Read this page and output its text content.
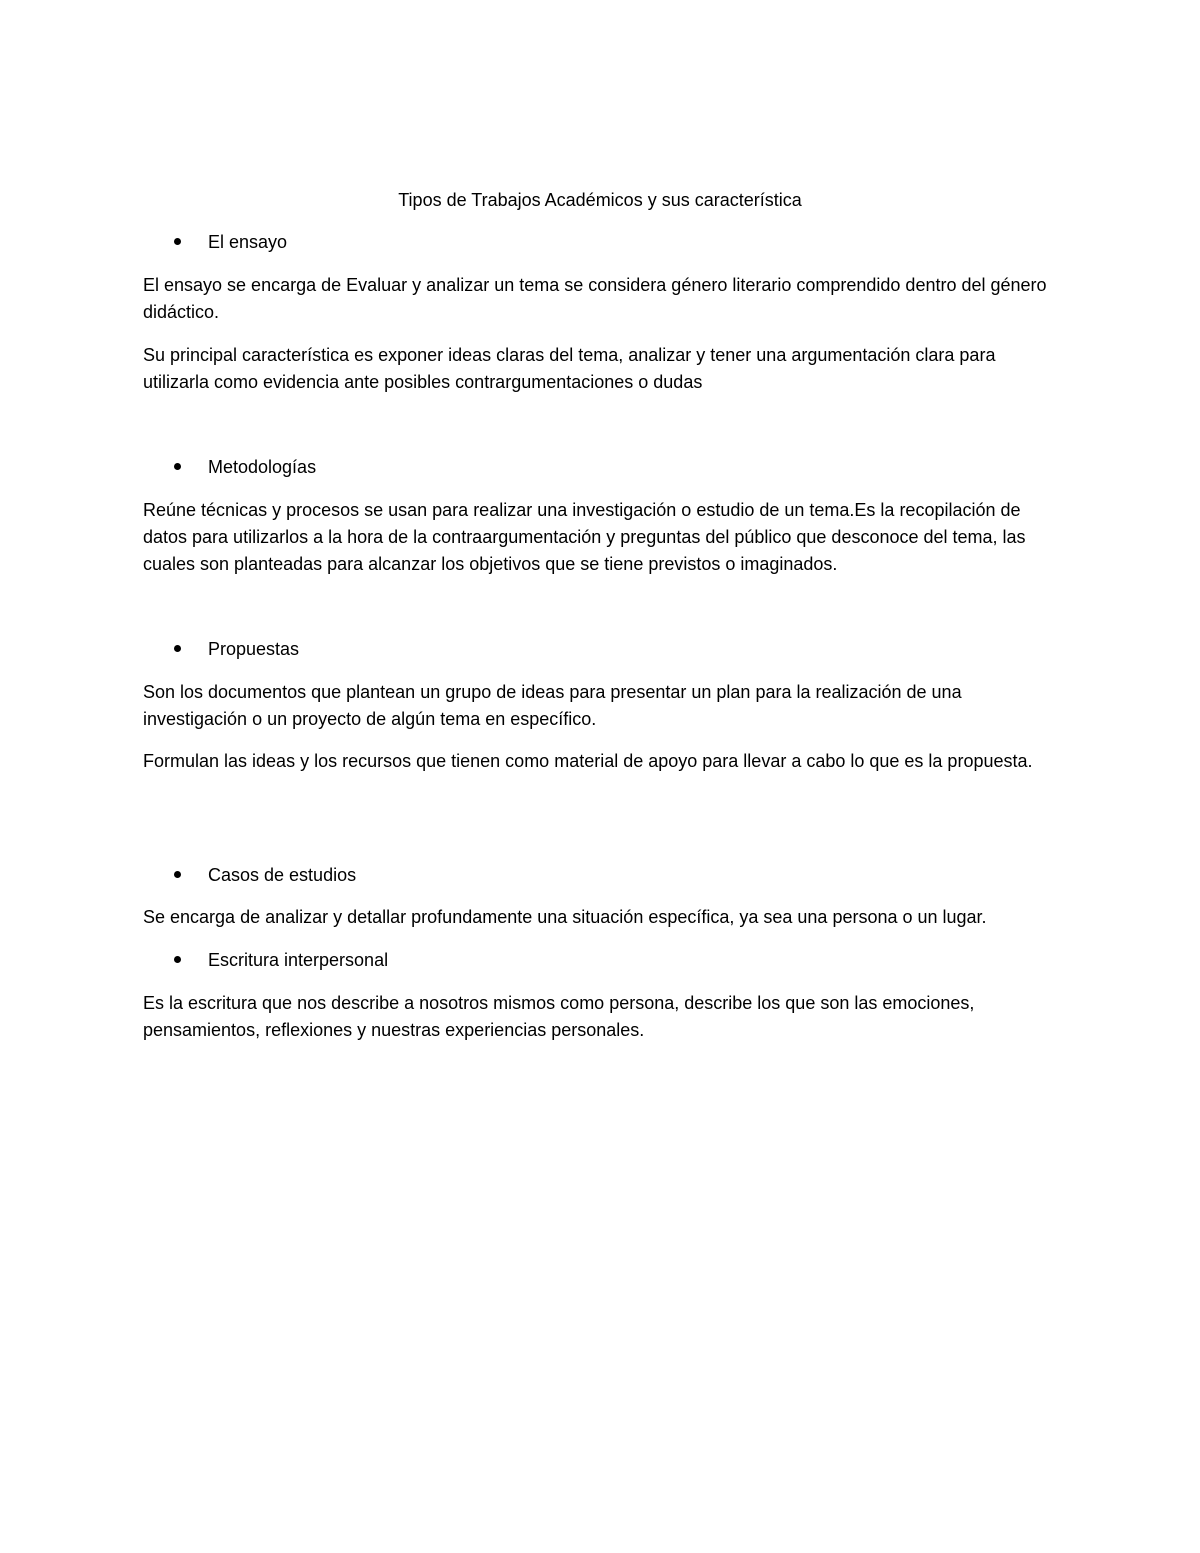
Tipos de Trabajos Académicos y sus característica
El ensayo
El ensayo se encarga de Evaluar y analizar un tema se considera género literario comprendido dentro del género didáctico.
Su principal característica es exponer ideas claras del tema, analizar y tener una argumentación clara para utilizarla como evidencia ante posibles contrargumentaciones o dudas
Metodologías
Reúne técnicas y procesos se usan para realizar una investigación o estudio de un tema.Es la recopilación de datos para utilizarlos a la hora de la contraargumentación y preguntas del público que desconoce del tema, las cuales son planteadas para alcanzar los objetivos que se tiene previstos o imaginados.
Propuestas
Son los documentos que plantean un grupo de ideas para presentar un plan para la realización de una investigación o un proyecto de algún tema en específico.
Formulan las ideas y los recursos que tienen como material de apoyo para llevar a cabo lo que es la propuesta.
Casos de estudios
Se encarga de analizar y detallar profundamente una situación específica, ya sea una persona o un lugar.
Escritura interpersonal
Es la escritura que nos describe a nosotros mismos como persona, describe los que son las emociones, pensamientos, reflexiones y nuestras experiencias personales.
